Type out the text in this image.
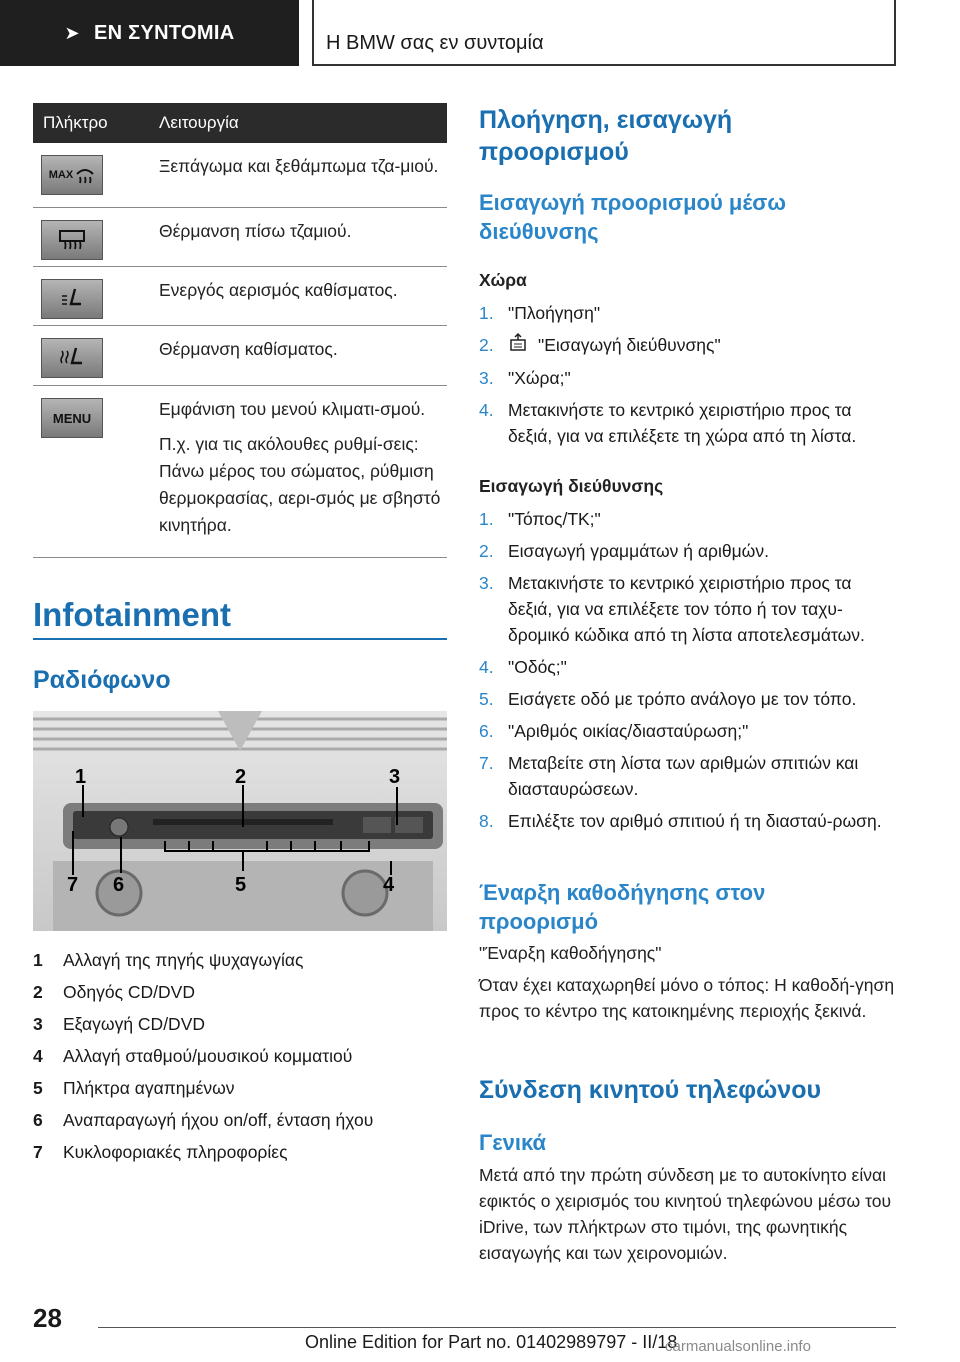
➤ ΕΝ ΣΥΝΤΟΜΙΑ	Η BMW σας εν συντομία
Πλήκτρο	Λειτουργία
MAX	Ξεπάγωμα και ξεθάμπωμα τζα-μιού.

Θέρμανση πίσω τζαμιού.

Ενεργός αερισμός καθίσματος.

Θέρμανση καθίσματος.

MENU	Εμφάνιση του μενού κλιματι-σμού.

Π.χ. για τις ακόλουθες ρυθμί-σεις: Πάνω μέρος του σώματος, ρύθμιση θερμοκρασίας, αερι-σμός με σβηστό κινητήρα.

Infotainment
Ραδιόφωνο
1	2	3
4
5
6
7
1	Αλλαγή της πηγής ψυχαγωγίας
2	Οδηγός CD/DVD
3	Εξαγωγή CD/DVD
4	Αλλαγή σταθμού/μουσικού κομματιού
5	Πλήκτρα αγαπημένων
6	Αναπαραγωγή ήχου on/off, ένταση ήχου
7	Κυκλοφοριακές πληροφορίες
Πλοήγηση, εισαγωγή προορισμού
Εισαγωγή προορισμού μέσω διεύθυνσης
Χώρα
1. "Πλοήγηση"
2.	"Εισαγωγή διεύθυνσης"
3. "Χώρα;"
4. Μετακινήστε το κεντρικό χειριστήριο προς τα δεξιά, για να επιλέξετε τη χώρα από τη λίστα.
Εισαγωγή διεύθυνσης
1. "Τόπος/ΤΚ;"
2. Εισαγωγή γραμμάτων ή αριθμών.
3. Μετακινήστε το κεντρικό χειριστήριο προς τα δεξιά, για να επιλέξετε τον τόπο ή τον ταχυ-δρομικό κώδικα από τη λίστα αποτελεσμάτων.
4. "Οδός;"
5. Εισάγετε οδό με τρόπο ανάλογο με τον τόπο.
6. "Αριθμός οικίας/διασταύρωση;"
7. Μεταβείτε στη λίστα των αριθμών σπιτιών και διασταυρώσεων.
8. Επιλέξτε τον αριθμό σπιτιού ή τη διασταύ-ρωση.
Έναρξη καθοδήγησης στον προορισμό
"Έναρξη καθοδήγησης"
Όταν έχει καταχωρηθεί μόνο ο τόπος: Η καθοδή-γηση προς το κέντρο της κατοικημένης περιοχής ξεκινά.
Σύνδεση κινητού τηλεφώνου
Γενικά
Μετά από την πρώτη σύνδεση με το αυτοκίνητο είναι εφικτός ο χειρισμός του κινητού τηλεφώνου μέσω του iDrive, των πλήκτρων στο τιμόνι, της φωνητικής εισαγωγής και των χειρονομιών.
28
Online Edition for Part no. 01402989797 - II/18
carmanualsonline.info
